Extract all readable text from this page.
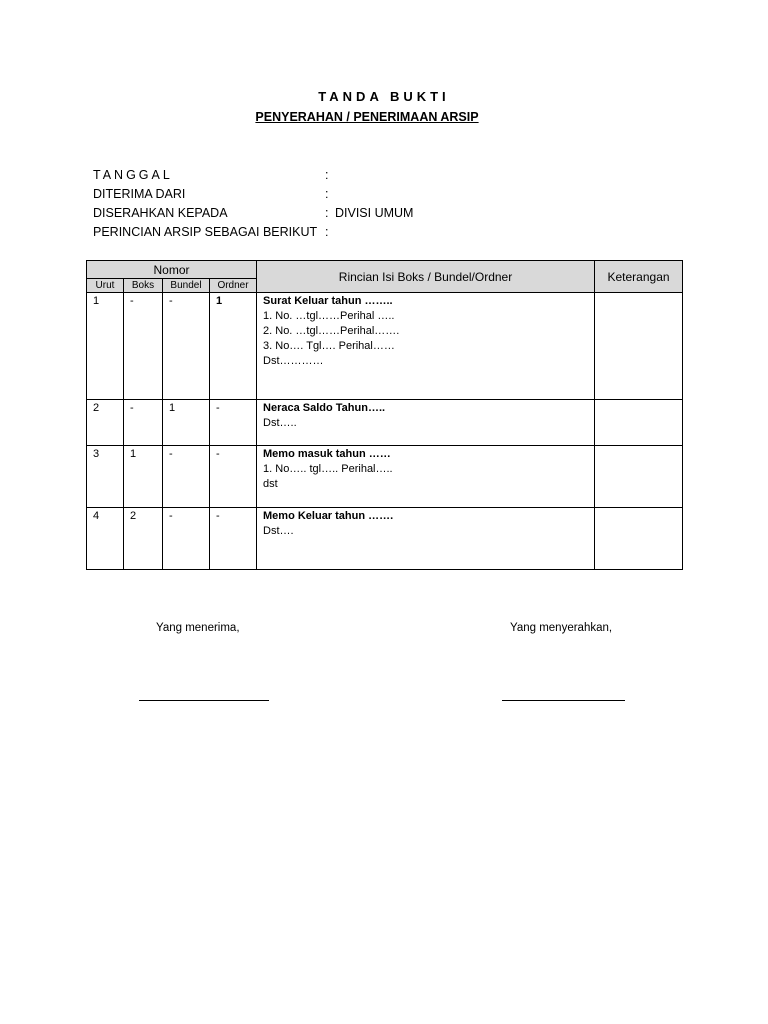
TANDA BUKTI
PENYERAHAN / PENERIMAAN ARSIP
TANGGAL	:
DITERIMA DARI	:
DISERAHKAN KEPADA	: DIVISI UMUM
PERINCIAN ARSIP SEBAGAI BERIKUT :
Nomor				Rincian Isi Boks / Bundel/Ordner	Keterangan
Urut	Boks	Bundel	Ordner		
1	-	-	1	Surat Keluar tahun ……..
1. No. …tgl……Perihal …..
2. No. …tgl……Perihal…….
3. No…. Tgl…. Perihal……
Dst…………	

2	-	1	-	Neraca Saldo Tahun…..
Dst…..	

3	1	-	-	Memo masuk tahun ……
1. No….. tgl….. Perihal…..
dst	

4	2	-	-	Memo Keluar tahun …….
Dst….	

Yang menerima,	Yang menyerahkan,
